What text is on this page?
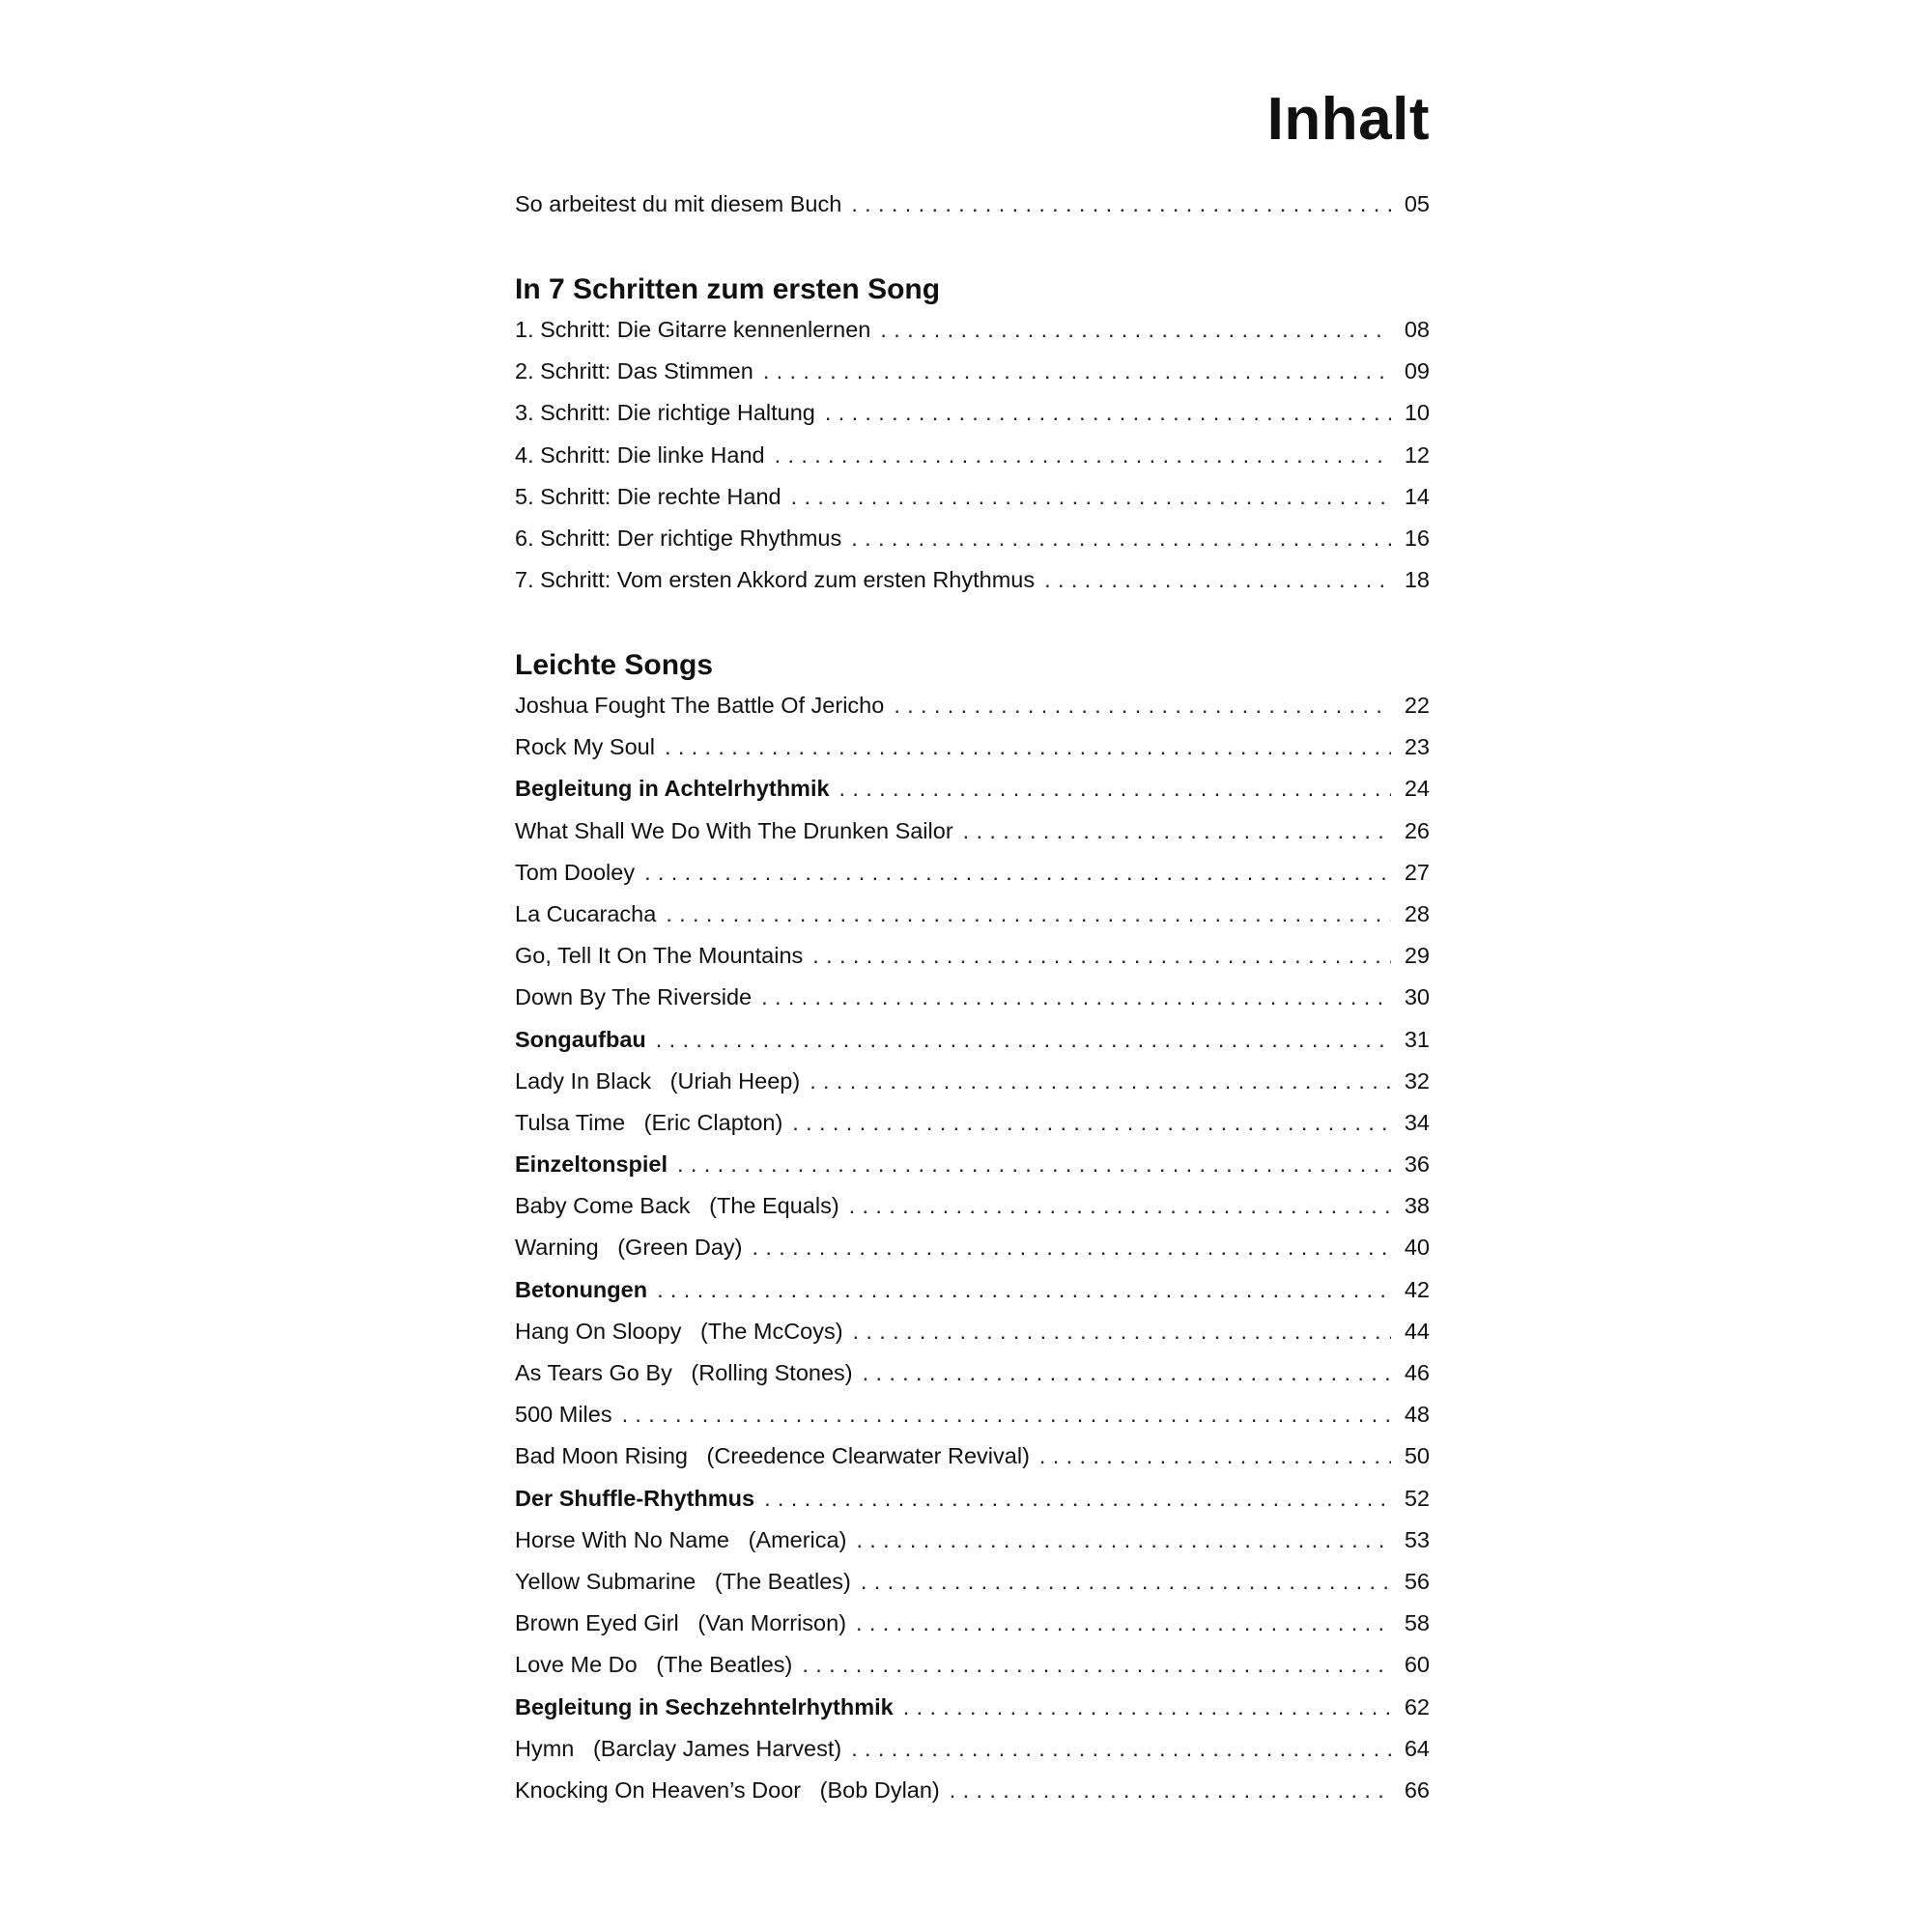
Inhalt
So arbeitest du mit diesem Buch . . .	05
In 7 Schritten zum ersten Song
1. Schritt: Die Gitarre kennenlernen . . .	08
2. Schritt: Das Stimmen . . .	09
3. Schritt: Die richtige Haltung . . .	10
4. Schritt: Die linke Hand . . .	12
5. Schritt: Die rechte Hand . . .	14
6. Schritt: Der richtige Rhythmus . . .	16
7. Schritt: Vom ersten Akkord zum ersten Rhythmus . . .	18
Leichte Songs
Joshua Fought The Battle Of Jericho . . .	22
Rock My Soul . . .	23
Begleitung in Achtelrhythmik . . .	24
What Shall We Do With The Drunken Sailor . . .	26
Tom Dooley . . .	27
La Cucaracha . . .	28
Go, Tell It On The Mountains . . .	29
Down By The Riverside . . .	30
Songaufbau . . .	31
Lady In Black   (Uriah Heep) . . .	32
Tulsa Time   (Eric Clapton) . . .	34
Einzeltonspiel . . .	36
Baby Come Back   (The Equals) . . .	38
Warning   (Green Day) . . .	40
Betonungen . . .	42
Hang On Sloopy   (The McCoys) . . .	44
As Tears Go By   (Rolling Stones) . . .	46
500 Miles . . .	48
Bad Moon Rising   (Creedence Clearwater Revival) . . .	50
Der Shuffle-Rhythmus . . .	52
Horse With No Name   (America) . . .	53
Yellow Submarine   (The Beatles) . . .	56
Brown Eyed Girl   (Van Morrison) . . .	58
Love Me Do   (The Beatles) . . .	60
Begleitung in Sechzehntelrhythmik . . .	62
Hymn   (Barclay James Harvest) . . .	64
Knocking On Heaven’s Door   (Bob Dylan) . . .	66
